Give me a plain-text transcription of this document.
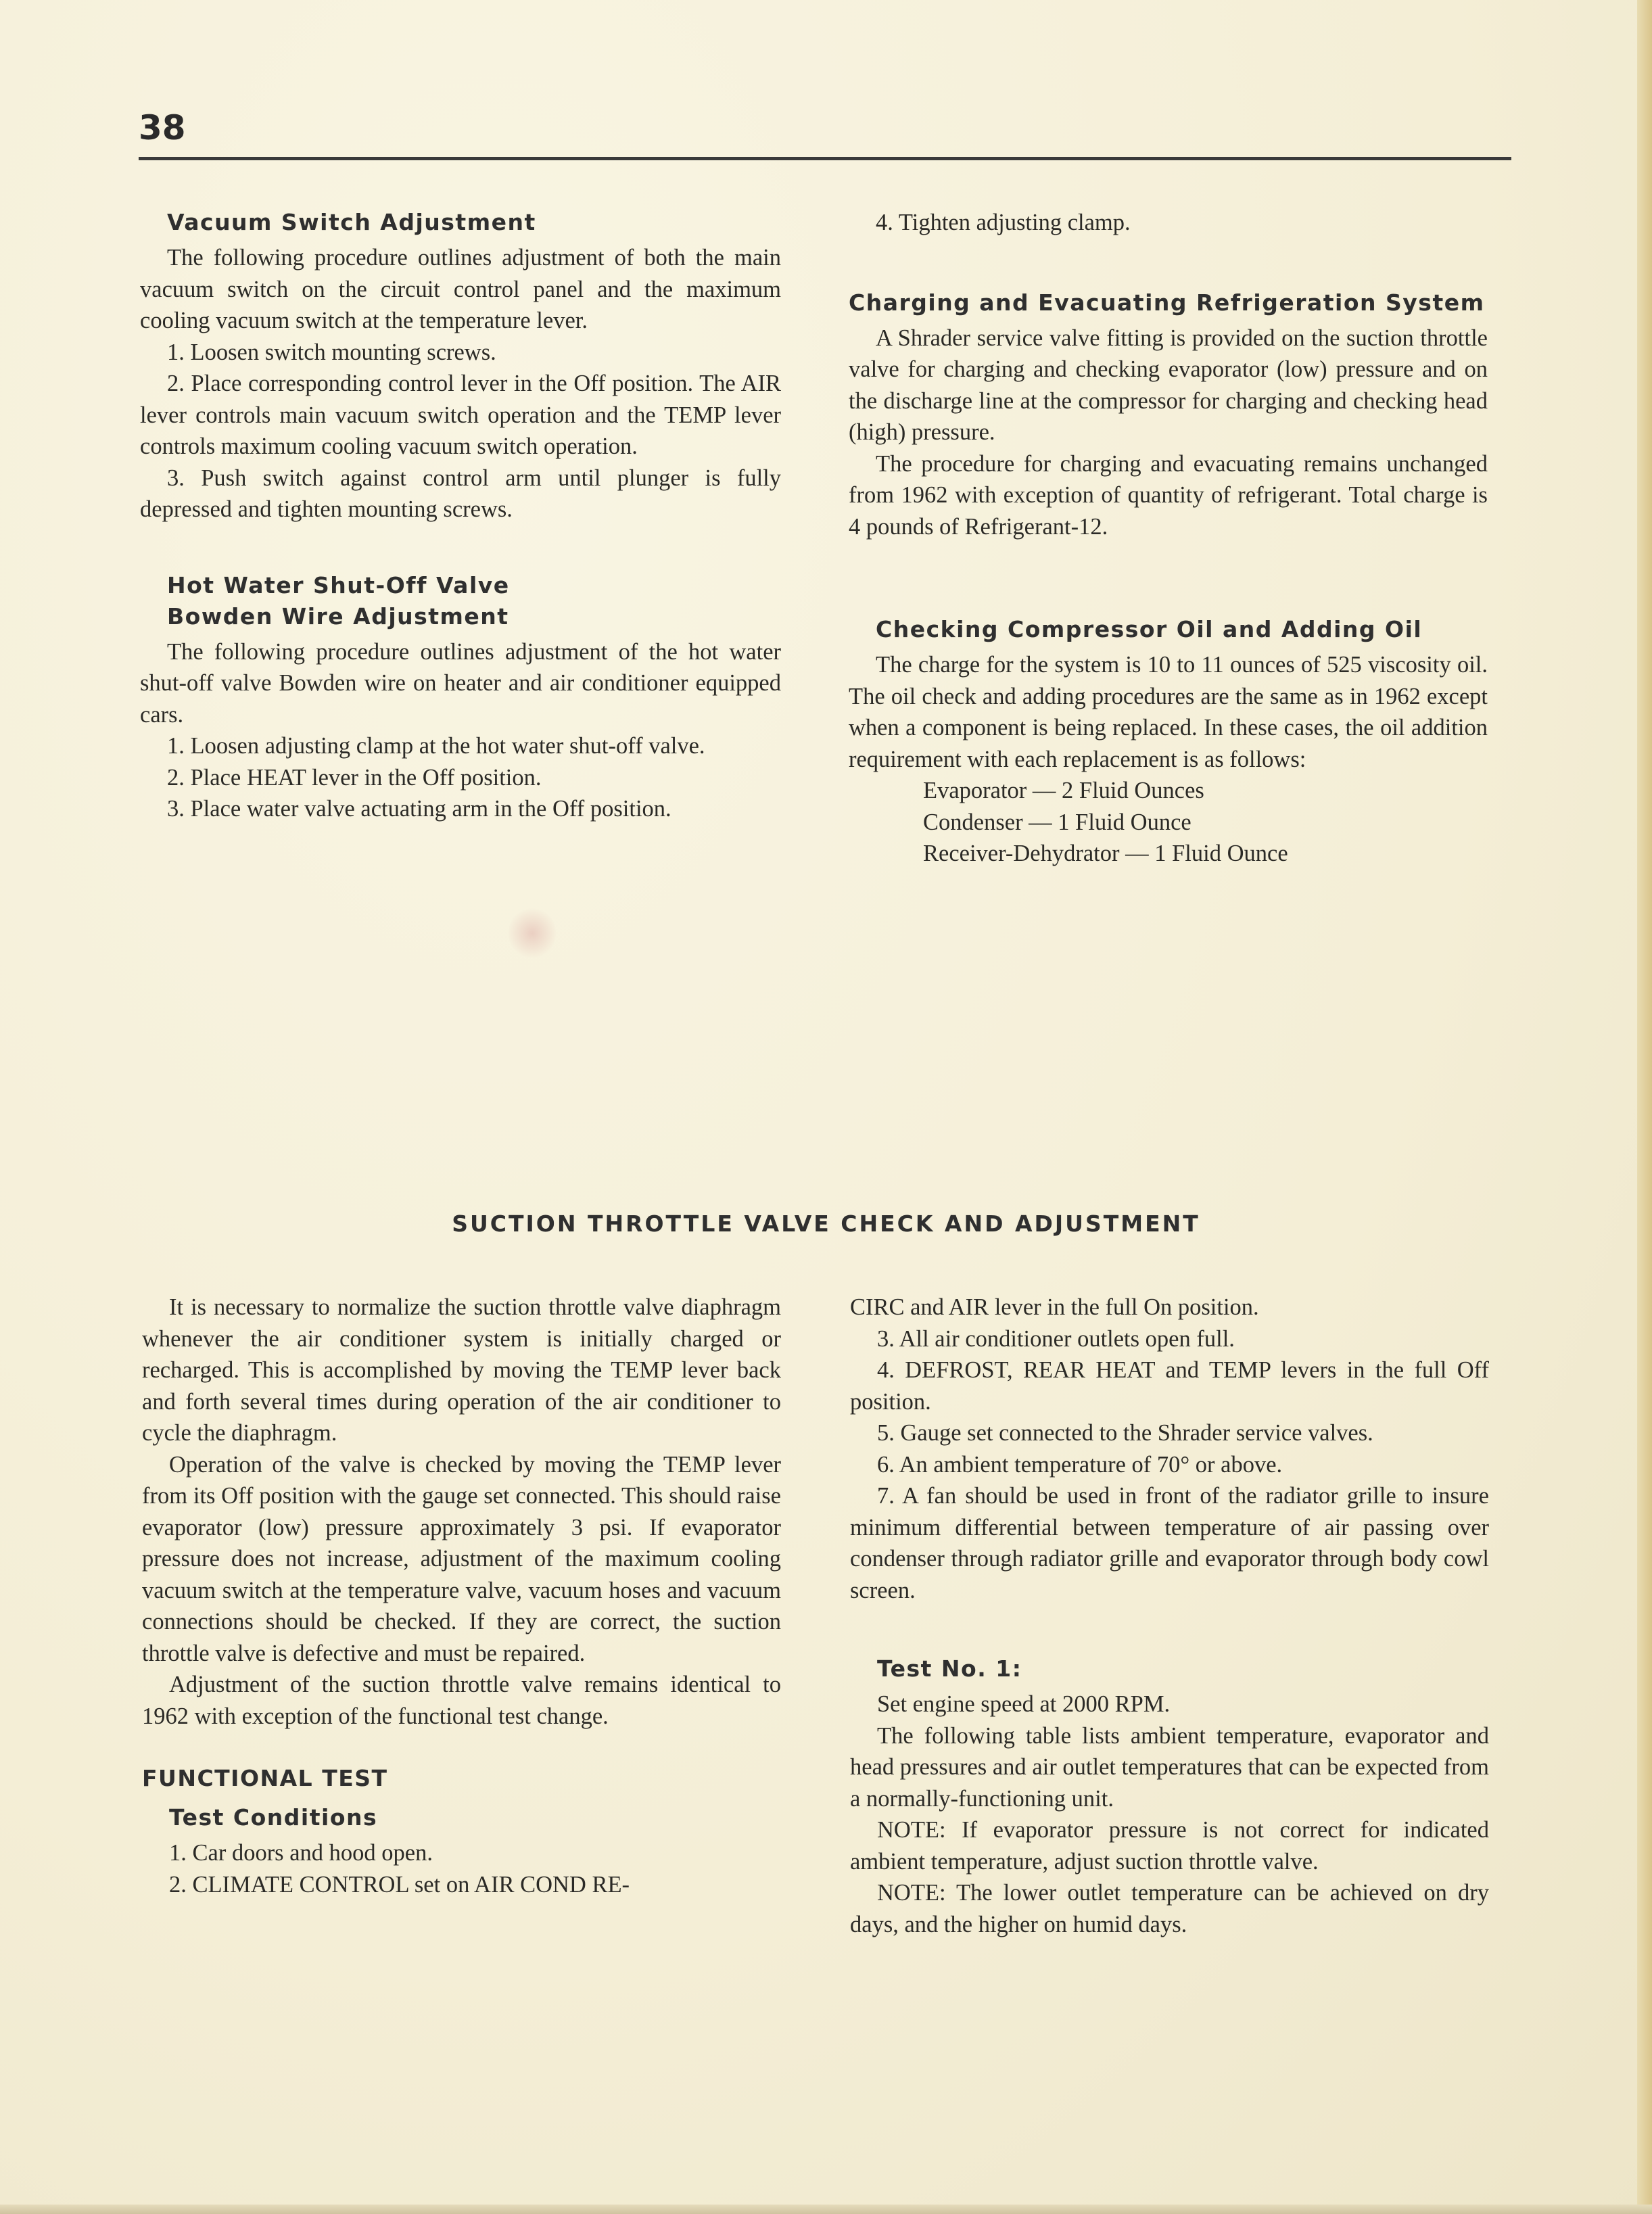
38
Vacuum Switch Adjustment

The following procedure outlines adjustment of both the main vacuum switch on the circuit control panel and the maximum cooling vacuum switch at the temperature lever.

1. Loosen switch mounting screws.

2. Place corresponding control lever in the Off position. The AIR lever controls main vacuum switch operation and the TEMP lever controls maximum cooling vacuum switch operation.

3. Push switch against control arm until plunger is fully depressed and tighten mounting screws.

Hot Water Shut-Off Valve
Bowden Wire Adjustment

The following procedure outlines adjustment of the hot water shut-off valve Bowden wire on heater and air conditioner equipped cars.

1. Loosen adjusting clamp at the hot water shut-off valve.

2. Place HEAT lever in the Off position.

3. Place water valve actuating arm in the Off position.

4. Tighten adjusting clamp.

Charging and Evacuating Refrigeration System

A Shrader service valve fitting is provided on the suction throttle valve for charging and checking evaporator (low) pressure and on the discharge line at the compressor for charging and checking head (high) pressure.

The procedure for charging and evacuating remains unchanged from 1962 with exception of quantity of refrigerant. Total charge is 4 pounds of Refrigerant-12.

Checking Compressor Oil and Adding Oil

The charge for the system is 10 to 11 ounces of 525 viscosity oil. The oil check and adding procedures are the same as in 1962 except when a component is being replaced. In these cases, the oil addition requirement with each replacement is as follows:

Evaporator — 2 Fluid Ounces
Condenser — 1 Fluid Ounce
Receiver-Dehydrator — 1 Fluid Ounce
SUCTION THROTTLE VALVE CHECK AND ADJUSTMENT

It is necessary to normalize the suction throttle valve diaphragm whenever the air conditioner system is initially charged or recharged. This is accomplished by moving the TEMP lever back and forth several times during operation of the air conditioner to cycle the diaphragm.

Operation of the valve is checked by moving the TEMP lever from its Off position with the gauge set connected. This should raise evaporator (low) pressure approximately 3 psi. If evaporator pressure does not increase, adjustment of the maximum cooling vacuum switch at the temperature valve, vacuum hoses and vacuum connections should be checked. If they are correct, the suction throttle valve is defective and must be repaired.

Adjustment of the suction throttle valve remains identical to 1962 with exception of the functional test change.

FUNCTIONAL TEST
Test Conditions

1. Car doors and hood open.

2. CLIMATE CONTROL set on AIR COND RE-

CIRC and AIR lever in the full On position.

3. All air conditioner outlets open full.

4. DEFROST, REAR HEAT and TEMP levers in the full Off position.

5. Gauge set connected to the Shrader service valves.

6. An ambient temperature of 70° or above.

7. A fan should be used in front of the radiator grille to insure minimum differential between temperature of air passing over condenser through radiator grille and evaporator through body cowl screen.

Test No. 1:

Set engine speed at 2000 RPM.

The following table lists ambient temperature, evaporator and head pressures and air outlet temperatures that can be expected from a normally-functioning unit.

NOTE: If evaporator pressure is not correct for indicated ambient temperature, adjust suction throttle valve.

NOTE: The lower outlet temperature can be achieved on dry days, and the higher on humid days.
